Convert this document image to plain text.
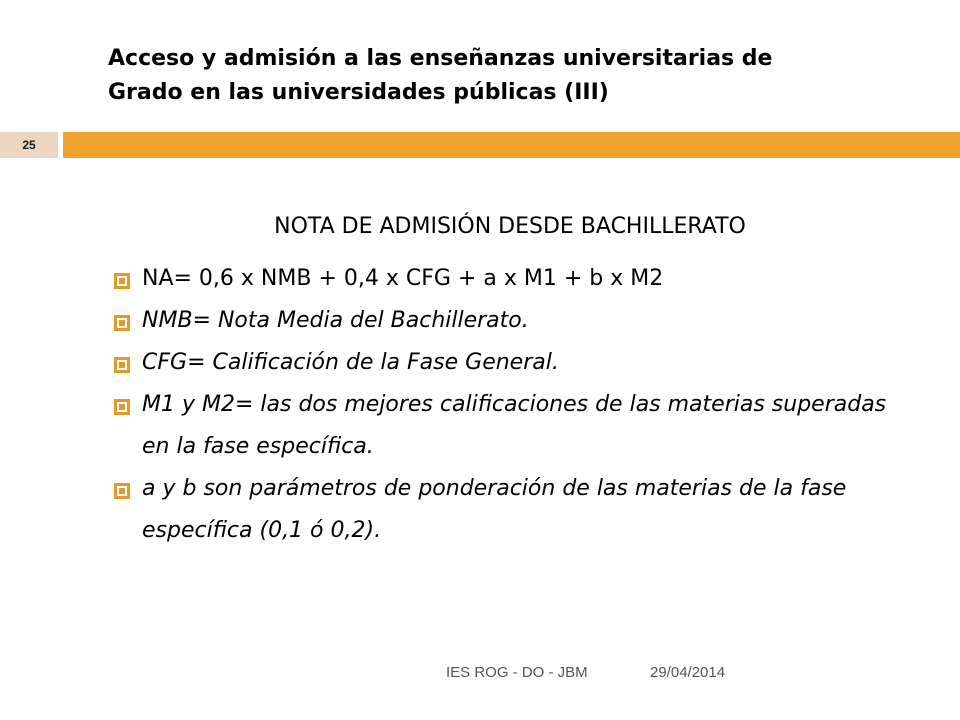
Acceso y admisión a las enseñanzas universitarias de
Grado en las universidades públicas (III)
25
NOTA DE ADMISIÓN DESDE BACHILLERATO
NA= 0,6 x NMB + 0,4 x CFG + a x M1 + b x M2
NMB= Nota Media del Bachillerato.
CFG= Calificación de la Fase General.
M1 y M2= las dos mejores calificaciones de las materias superadas en la fase específica.
a y b son parámetros de ponderación de las materias de la fase específica (0,1 ó 0,2).
IES ROG - DO - JBM	29/04/2014
